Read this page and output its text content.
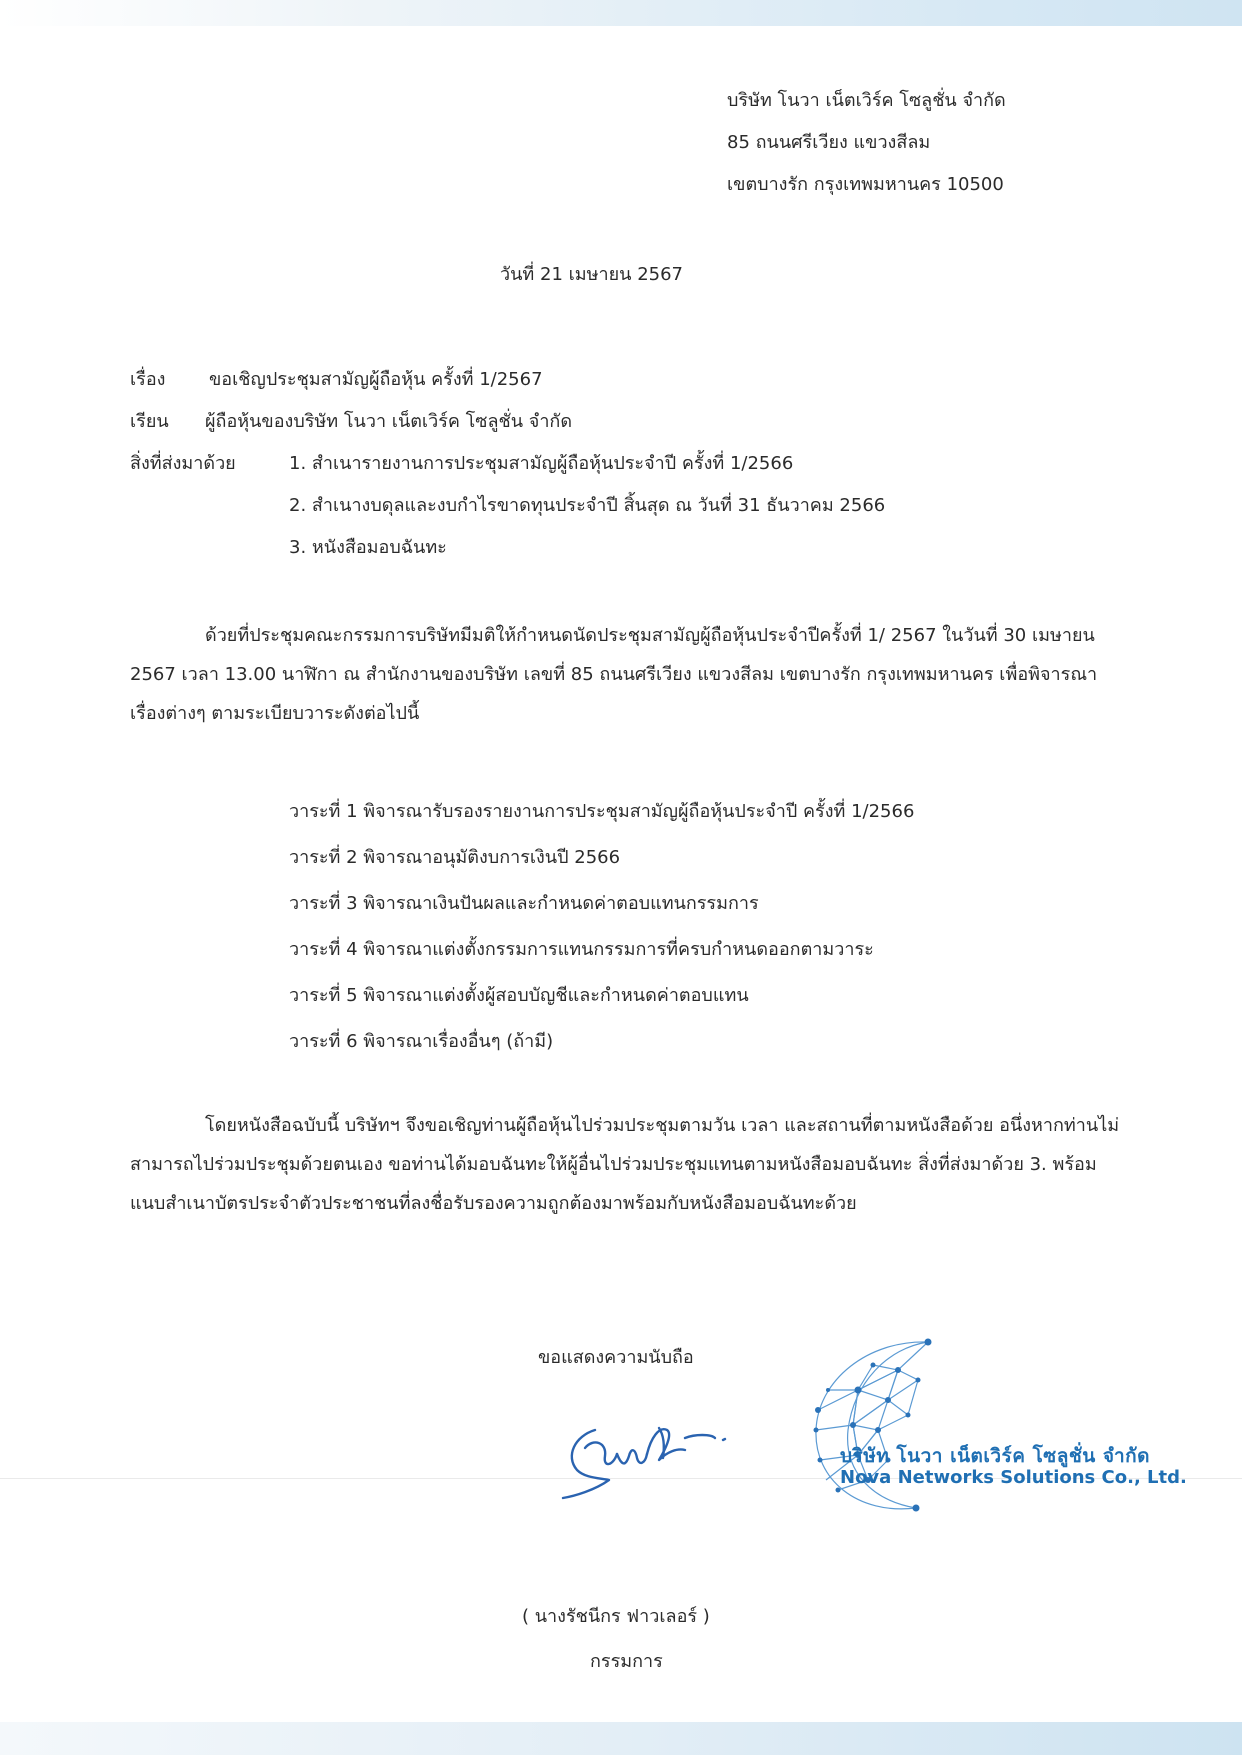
บริษัท โนวา เน็ตเวิร์ค โซลูชั่น จำกัด
85 ถนนศรีเวียง แขวงสีลม
เขตบางรัก กรุงเทพมหานคร 10500
วันที่ 21 เมษายน 2567
เรื่อง ขอเชิญประชุมสามัญผู้ถือหุ้น ครั้งที่ 1/2567
เรียน ผู้ถือหุ้นของบริษัท โนวา เน็ตเวิร์ค โซลูชั่น จำกัด
สิ่งที่ส่งมาด้วย	1. สำเนารายงานการประชุมสามัญผู้ถือหุ้นประจำปี ครั้งที่ 1/2566
2. สำเนางบดุลและงบกำไรขาดทุนประจำปี สิ้นสุด ณ วันที่ 31 ธันวาคม 2566
3. หนังสือมอบฉันทะ
ด้วยที่ประชุมคณะกรรมการบริษัทมีมติให้กำหนดนัดประชุมสามัญผู้ถือหุ้นประจำปีครั้งที่ 1/ 2567 ในวันที่ 30 เมษายน 2567 เวลา 13.00 นาฬิกา ณ สำนักงานของบริษัท เลขที่ 85 ถนนศรีเวียง แขวงสีลม เขตบางรัก กรุงเทพมหานคร เพื่อพิจารณาเรื่องต่างๆ ตามระเบียบวาระดังต่อไปนี้
วาระที่ 1 พิจารณารับรองรายงานการประชุมสามัญผู้ถือหุ้นประจำปี ครั้งที่ 1/2566
วาระที่ 2 พิจารณาอนุมัติงบการเงินปี 2566
วาระที่ 3 พิจารณาเงินปันผลและกำหนดค่าตอบแทนกรรมการ
วาระที่ 4 พิจารณาแต่งตั้งกรรมการแทนกรรมการที่ครบกำหนดออกตามวาระ
วาระที่ 5 พิจารณาแต่งตั้งผู้สอบบัญชีและกำหนดค่าตอบแทน
วาระที่ 6 พิจารณาเรื่องอื่นๆ (ถ้ามี)
โดยหนังสือฉบับนี้ บริษัทฯ จึงขอเชิญท่านผู้ถือหุ้นไปร่วมประชุมตามวัน เวลา และสถานที่ตามหนังสือด้วย อนึ่งหากท่านไม่สามารถไปร่วมประชุมด้วยตนเอง ขอท่านได้มอบฉันทะให้ผู้อื่นไปร่วมประชุมแทนตามหนังสือมอบฉันทะ สิ่งที่ส่งมาด้วย 3. พร้อมแนบสำเนาบัตรประจำตัวประชาชนที่ลงชื่อรับรองความถูกต้องมาพร้อมกับหนังสือมอบฉันทะด้วย
ขอแสดงความนับถือ
( นางรัชนีกร ฟาวเลอร์ )
กรรมการ
บริษัท โนวา เน็ตเวิร์ค โซลูชั่น จำกัด
Nova Networks Solutions Co., Ltd.
